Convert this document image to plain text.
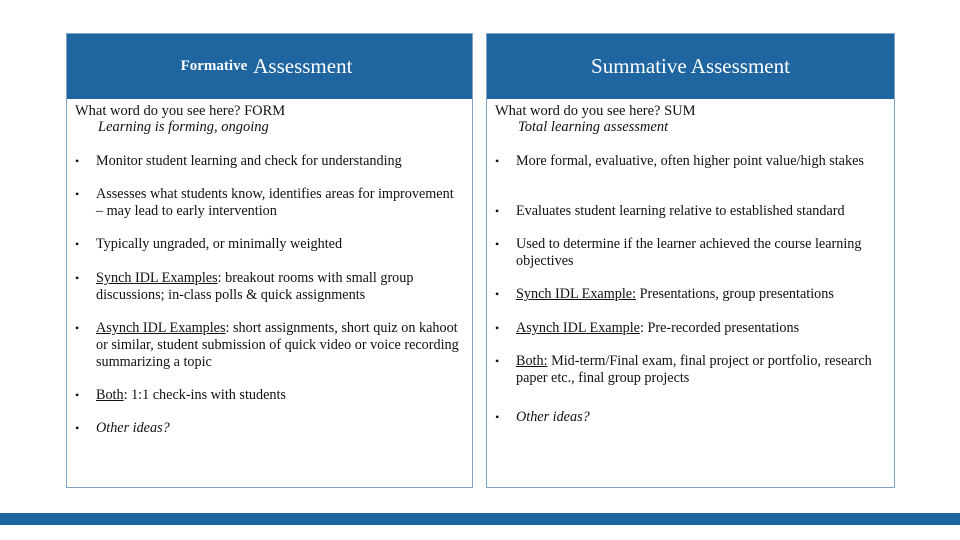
Formative Assessment
What word do you see here? FORM
Learning is forming, ongoing
• Monitor student learning and check for understanding
• Assesses what students know, identifies areas for improvement – may lead to early intervention
• Typically ungraded, or minimally weighted
• Synch IDL Examples: breakout rooms with small group discussions; in-class polls & quick assignments
• Asynch IDL Examples: short assignments, short quiz on kahoot or similar, student submission of quick video or voice recording summarizing a topic
• Both: 1:1 check-ins with students
• Other ideas?
Summative Assessment
What word do you see here? SUM
Total learning assessment
• More formal, evaluative, often higher point value/high stakes
• Evaluates student learning relative to established standard
• Used to determine if the learner achieved the course learning objectives
• Synch IDL Example: Presentations, group presentations
• Asynch IDL Example: Pre-recorded presentations
• Both: Mid-term/Final exam, final project or portfolio, research paper etc., final group projects
• Other ideas?
